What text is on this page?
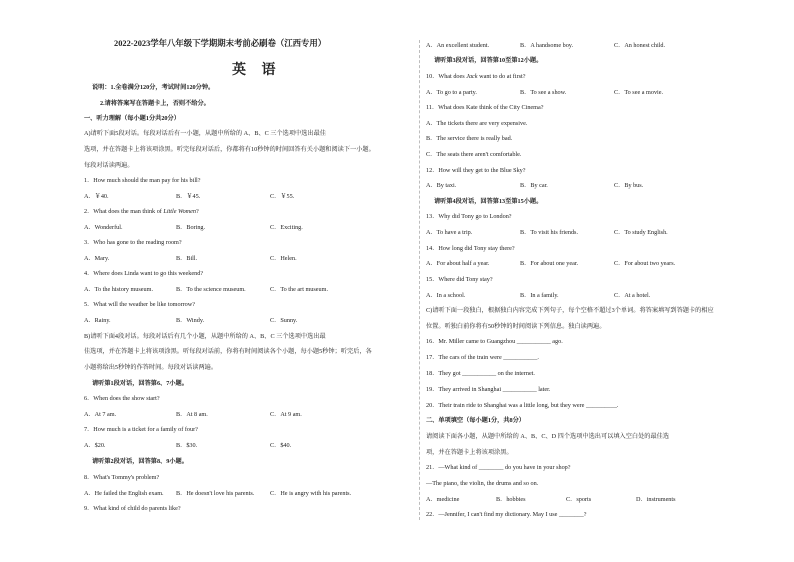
2022-2023学年八年级下学期期末考前必刷卷（江西专用）
英 语
说明：1.全卷满分120分，考试时间120分钟。
2.请将答案写在答题卡上，否则不给分。
一、听力理解（每小题1分共20分）
A)请听下面5段对话。每段对话后有一小题，从题中所给的 A、B、C 三个选项中选出最佳
选项，并在答题卡上将该项涂黑。听完每段对话后，你都将有10秒钟的时间回答有关小题和阅读下一小题。
每段对话读两遍。
1．How much should the man pay for his bill?
A．￥40.	B．￥45.	C．￥55.
2．What does the man think of Little Women?
A．Wonderful.	B．Boring.	C．Exciting.
3．Who has gone to the reading room?
A．Mary.	B．Bill.	C．Helen.
4．Where does Linda want to go this weekend?
A．To the history museum.	B．To the science museum.	C．To the art museum.
5．What will the weather be like tomorrow?
A．Rainy.	B．Windy.	C．Sunny.
B)请听下面4段对话。每段对话后有几个小题，从题中所给的 A、B、C 三个选项中选出最
佳选项，并在答题卡上将该项涂黑。听每段对话前，你将有时间阅读各个小题，每小题5秒钟；听完后，各
小题将给出5秒钟的作答时间。每段对话读两遍。
请听第1段对话，回答第6、7小题。
6．When does the show start?
A．At 7 am.	B．At 8 am.	C．At 9 am.
7．How much is a ticket for a family of four?
A．$20.	B．$30.	C．$40.
请听第2段对话，回答第8、9小题。
8．What's Tommy's problem?
A．He failed the English exam. B．He doesn't love his parents.	C．He is angry with his parents.
9．What kind of child do parents like?
A．An excellent student.	B．A handsome boy.	C．An honest child.
请听第3段对话，回答第10至第12小题。
10．What does Jack want to do at first?
A．To go to a party.	B．To see a show.	C．To see a movie.
11．What does Kate think of the City Cinema?
A．The tickets there are very expensive.
B．The service there is really bad.
C．The seats there aren't comfortable.
12．How will they get to the Blue Sky?
A．By taxi.	B．By car.	C．By bus.
请听第4段对话，回答第13至第15小题。
13．Why did Tony go to London?
A．To have a trip.	B．To visit his friends.	C．To study English.
14．How long did Tony stay there?
A．For about half a year.	B．For about one year.	C．For about two years.
15．Where did Tony stay?
A．In a school.	B．In a family.	C．At a hotel.
C)请听下面一段独白，根据独白内容完成下列句子，每个空格不超过3个单词。将答案填写到答题卡的相应
位置。听独白前你将有50秒钟的时间阅读下列信息。独白读两遍。
16．Mr. Miller came to Guangzhou ___________ ago.
17．The cars of the train were ___________.
18．They got ___________ on the internet.
19．They arrived in Shanghai ___________ later.
20．Their train ride to Shanghai was a little long, but they were __________.
二、单项填空（每小题1分，共8分）
请阅读下面各小题，从题中所给的 A、B、C、D 四个选项中选出可以填入空白处的最佳选
项，并在答题卡上将该项涂黑。
21．—What kind of ________ do you have in your shop?
—The piano, the violin, the drums and so on.
A．medicine	B．hobbies	C．sports	D．instruments
22．—Jennifer, I can't find my dictionary. May I use ________?
